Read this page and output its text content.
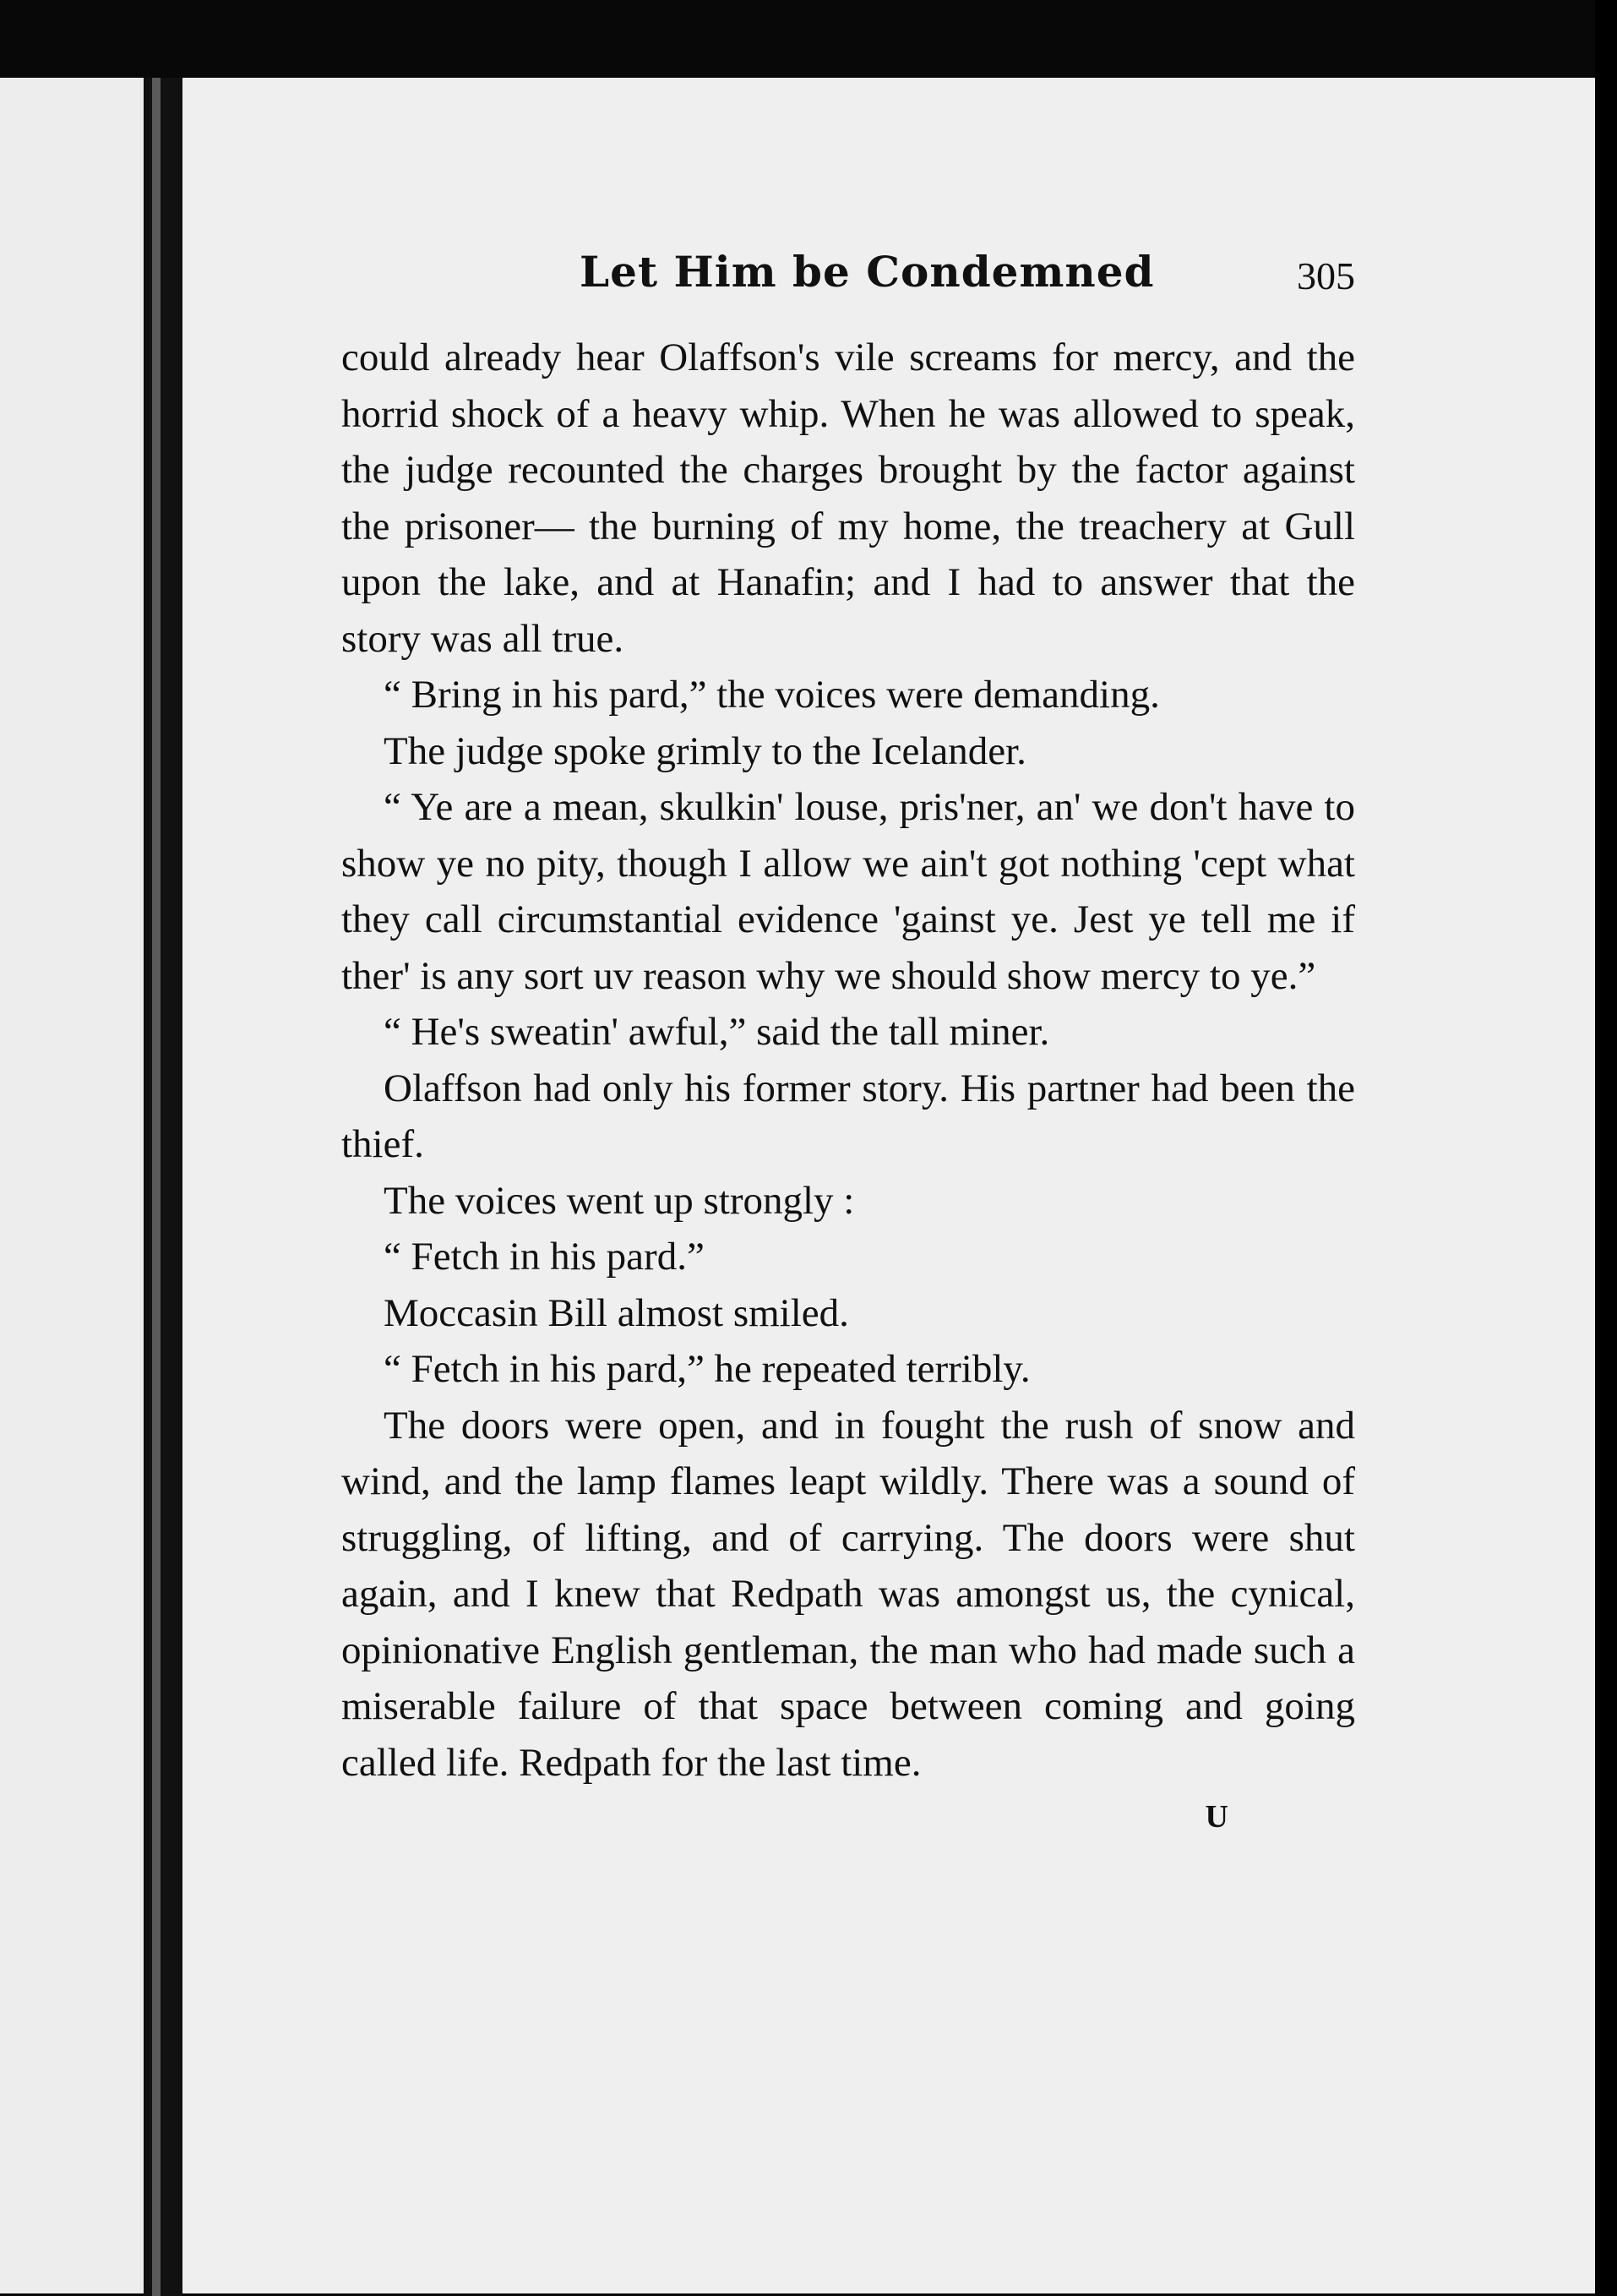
Let Him be Condemned	305

could already hear Olaffson's vile screams for mercy, and the horrid shock of a heavy whip. When he was allowed to speak, the judge recounted the charges brought by the factor against the prisoner— the burning of my home, the treachery at Gull upon the lake, and at Hanafin; and I had to answer that the story was all true.

“ Bring in his pard,” the voices were demanding.

The judge spoke grimly to the Icelander.

“ Ye are a mean, skulkin' louse, pris'ner, an' we don't have to show ye no pity, though I allow we ain't got nothing 'cept what they call circumstantial evidence 'gainst ye. Jest ye tell me if ther' is any sort uv reason why we should show mercy to ye.”

“ He's sweatin' awful,” said the tall miner.

Olaffson had only his former story. His partner had been the thief.

The voices went up strongly :

“ Fetch in his pard.”

Moccasin Bill almost smiled.

“ Fetch in his pard,” he repeated terribly.

The doors were open, and in fought the rush of snow and wind, and the lamp flames leapt wildly. There was a sound of struggling, of lifting, and of carrying. The doors were shut again, and I knew that Redpath was amongst us, the cynical, opinionative English gentleman, the man who had made such a miserable failure of that space between coming and going called life. Redpath for the last time.

U
